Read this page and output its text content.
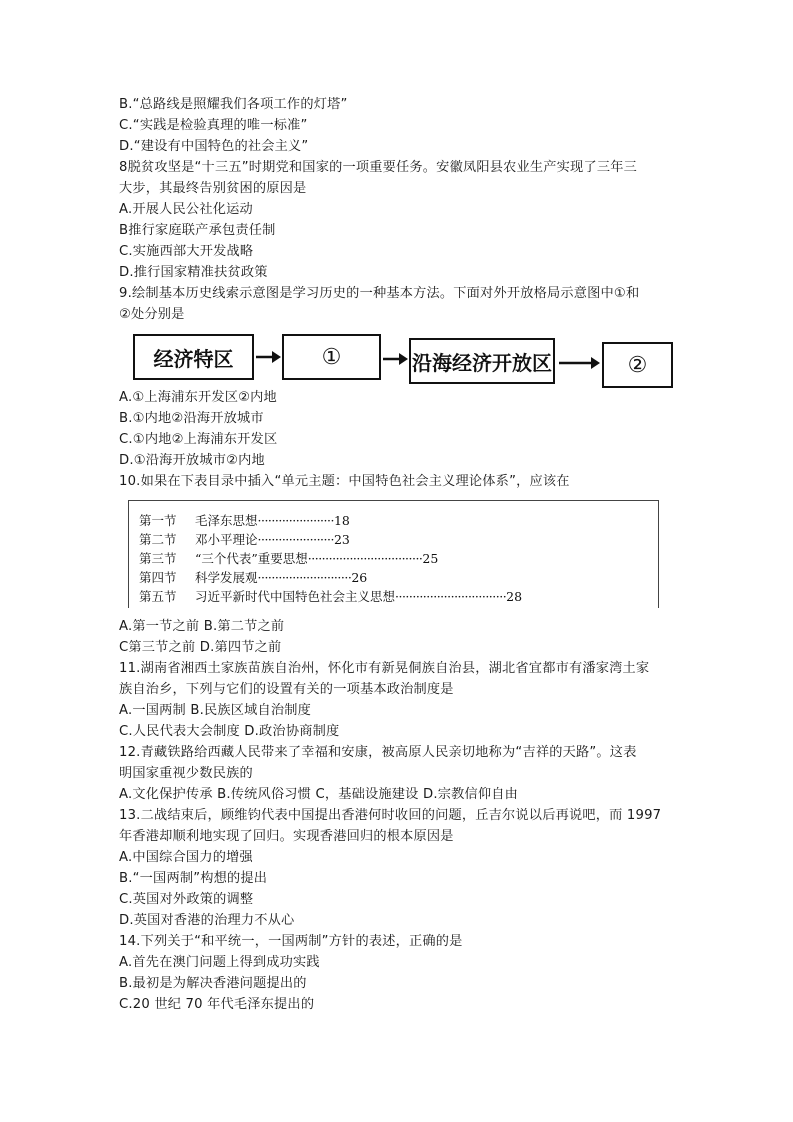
B.“总路线是照耀我们各项工作的灯塔”

C.“实践是检验真理的唯一标准”

D.“建设有中国特色的社会主义”

8脱贫攻坚是“十三五”时期党和国家的一项重要任务。安徽凤阳县农业生产实现了三年三

大步，其最终告别贫困的原因是

A.开展人民公社化运动

B推行家庭联产承包责任制

C.实施西部大开发战略

D.推行国家精准扶贫政策

9.绘制基本历史线索示意图是学习历史的一种基本方法。下面对外开放格局示意图中①和

②处分别是

经济特区	①	沿海经济开放区	②

A.①上海浦东开发区②内地

B.①内地②沿海开放城市

C.①内地②上海浦东开发区

D.①沿海开放城市②内地

10.如果在下表目录中插入“单元主题：中国特色社会主义理论体系”，应该在

第一节 毛泽东思想······················18
第二节 邓小平理论······················23
第三节 “三个代表”重要思想·································25
第四节 科学发展观···························26
第五节 习近平新时代中国特色社会主义思想································28

A.第一节之前 B.第二节之前

C第三节之前 D.第四节之前

11.湖南省湘西土家族苗族自治州，怀化市有新晃侗族自治县，湖北省宜都市有潘家湾土家

族自治乡，下列与它们的设置有关的一项基本政治制度是

A.一国两制 B.民族区域自治制度

C.人民代表大会制度 D.政治协商制度

12.青藏铁路给西藏人民带来了幸福和安康，被高原人民亲切地称为“吉祥的天路”。这表

明国家重视少数民族的

A.文化保护传承 B.传统风俗习惯 C，基础设施建设 D.宗教信仰自由

13.二战结束后，顾维钧代表中国提出香港何时收回的问题，丘吉尔说以后再说吧，而 1997

年香港却顺利地实现了回归。实现香港回归的根本原因是

A.中国综合国力的增强

B.“一国两制”构想的提出

C.英国对外政策的调整

D.英国对香港的治理力不从心

14.下列关于“和平统一，一国两制”方针的表述，正确的是

A.首先在澳门问题上得到成功实践

B.最初是为解决香港问题提出的

C.20 世纪 70 年代毛泽东提出的
